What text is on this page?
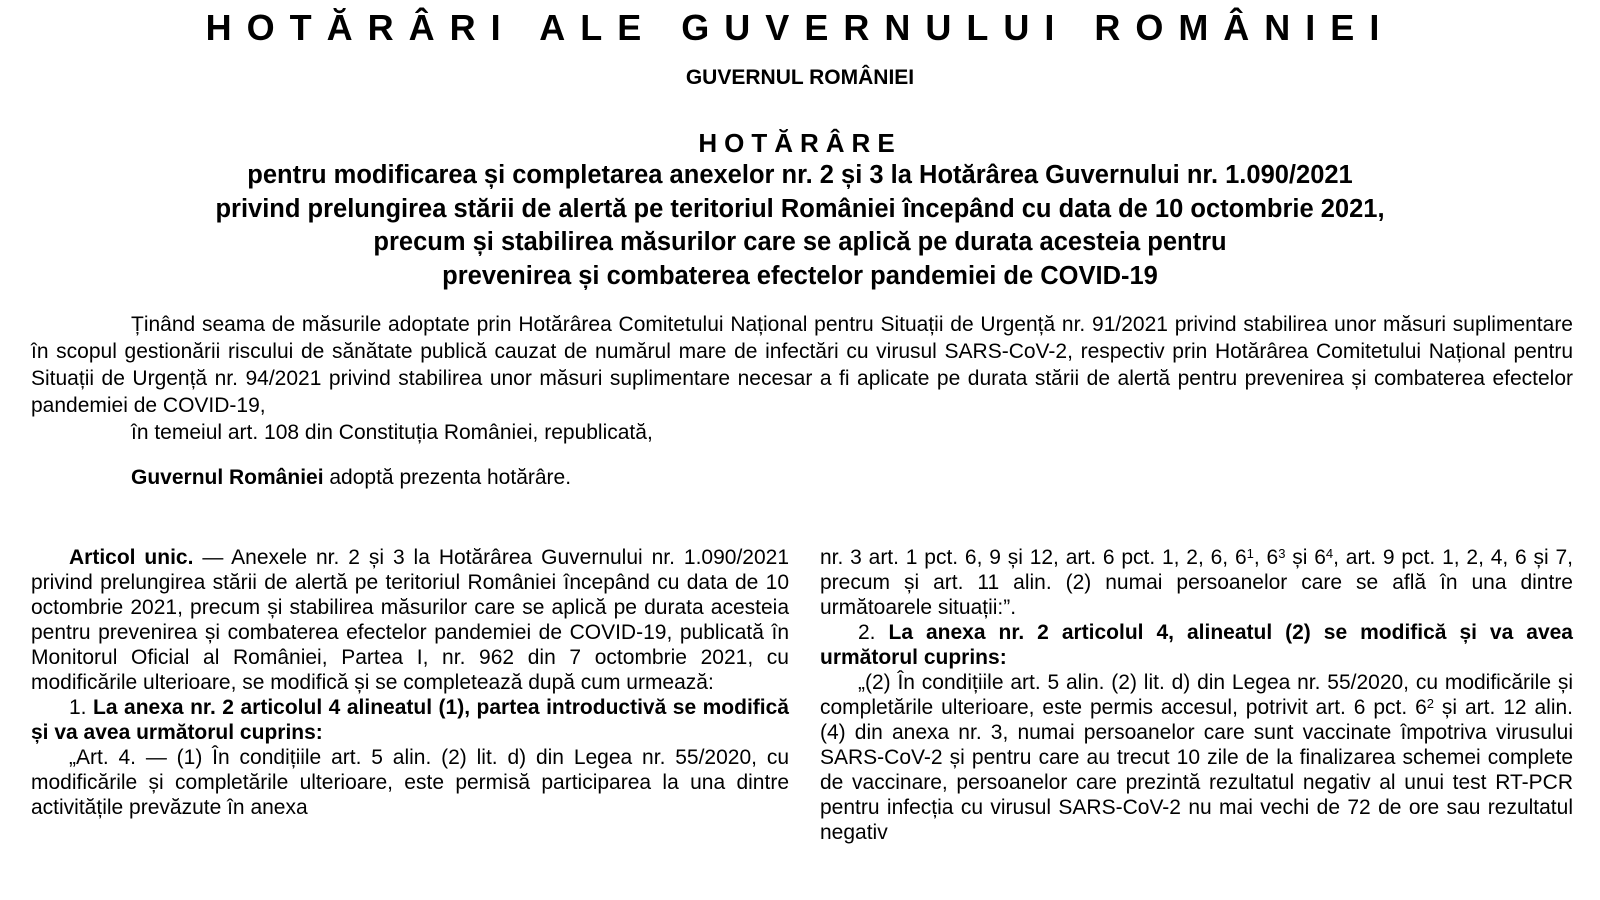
HOTĂRÂRI ALE GUVERNULUI ROMÂNIEI
GUVERNUL ROMÂNIEI
HOTĂRÂRE
pentru modificarea și completarea anexelor nr. 2 și 3 la Hotărârea Guvernului nr. 1.090/2021
privind prelungirea stării de alertă pe teritoriul României începând cu data de 10 octombrie 2021,
precum și stabilirea măsurilor care se aplică pe durata acesteia pentru
prevenirea și combaterea efectelor pandemiei de COVID-19

Ținând seama de măsurile adoptate prin Hotărârea Comitetului Național pentru Situații de Urgență nr. 91/2021 privind stabilirea unor măsuri suplimentare în scopul gestionării riscului de sănătate publică cauzat de numărul mare de infectări cu virusul SARS-CoV-2, respectiv prin Hotărârea Comitetului Național pentru Situații de Urgență nr. 94/2021 privind stabilirea unor măsuri suplimentare necesar a fi aplicate pe durata stării de alertă pentru prevenirea și combaterea efectelor pandemiei de COVID-19,

în temeiul art. 108 din Constituția României, republicată,

Guvernul României adoptă prezenta hotărâre.

Articol unic. — Anexele nr. 2 și 3 la Hotărârea Guvernului nr. 1.090/2021 privind prelungirea stării de alertă pe teritoriul României începând cu data de 10 octombrie 2021, precum și stabilirea măsurilor care se aplică pe durata acesteia pentru prevenirea și combaterea efectelor pandemiei de COVID-19, publicată în Monitorul Oficial al României, Partea I, nr. 962 din 7 octombrie 2021, cu modificările ulterioare, se modifică și se completează după cum urmează:

1. La anexa nr. 2 articolul 4 alineatul (1), partea introductivă se modifică și va avea următorul cuprins:

„Art. 4. — (1) În condițiile art. 5 alin. (2) lit. d) din Legea nr. 55/2020, cu modificările și completările ulterioare, este permisă participarea la una dintre activitățile prevăzute în anexa

nr. 3 art. 1 pct. 6, 9 și 12, art. 6 pct. 1, 2, 6, $6^1$, $6^3$ și $6^4$, art. 9 pct. 1, 2, 4, 6 și 7, precum și art. 11 alin. (2) numai persoanelor care se află în una dintre următoarele situații:”.

2. La anexa nr. 2 articolul 4, alineatul (2) se modifică și va avea următorul cuprins:

„(2) În condițiile art. 5 alin. (2) lit. d) din Legea nr. 55/2020, cu modificările și completările ulterioare, este permis accesul, potrivit art. 6 pct. $6^2$ și art. 12 alin. (4) din anexa nr. 3, numai persoanelor care sunt vaccinate împotriva virusului SARS-CoV-2 și pentru care au trecut 10 zile de la finalizarea schemei complete de vaccinare, persoanelor care prezintă rezultatul negativ al unui test RT-PCR pentru infecția cu virusul SARS-CoV-2 nu mai vechi de 72 de ore sau rezultatul negativ
